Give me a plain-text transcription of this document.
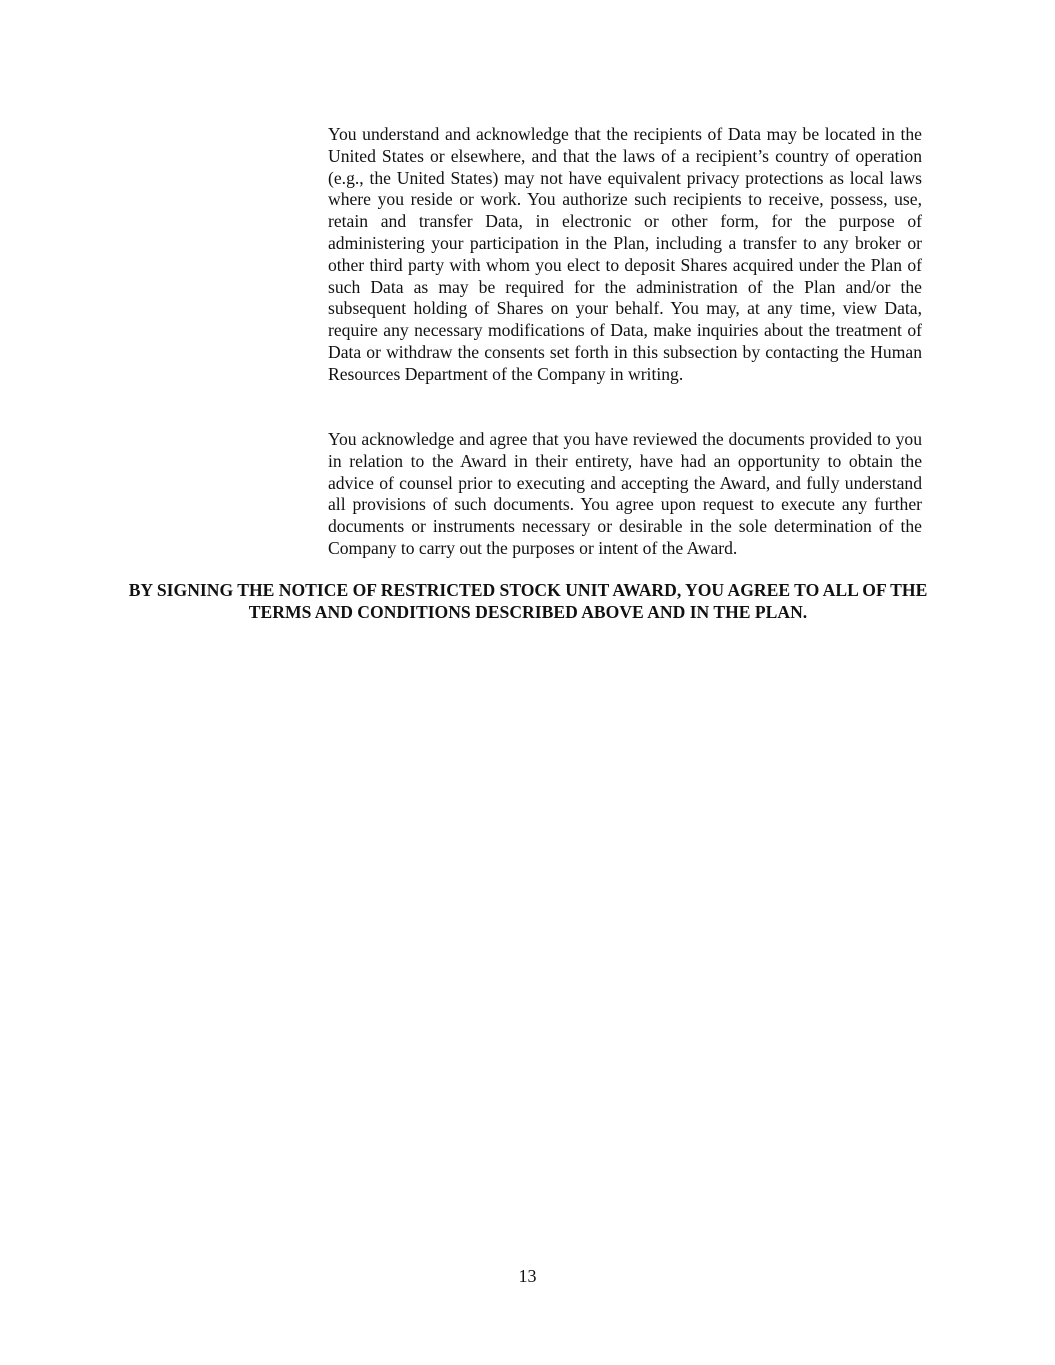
You understand and acknowledge that the recipients of Data may be located in the United States or elsewhere, and that the laws of a recipient’s country of operation (e.g., the United States) may not have equivalent privacy protections as local laws where you reside or work. You authorize such recipients to receive, possess, use, retain and transfer Data, in electronic or other form, for the purpose of administering your participation in the Plan, including a transfer to any broker or other third party with whom you elect to deposit Shares acquired under the Plan of such Data as may be required for the administration of the Plan and/or the subsequent holding of Shares on your behalf. You may, at any time, view Data, require any necessary modifications of Data, make inquiries about the treatment of Data or withdraw the consents set forth in this subsection by contacting the Human Resources Department of the Company in writing.

You acknowledge and agree that you have reviewed the documents provided to you in relation to the Award in their entirety, have had an opportunity to obtain the advice of counsel prior to executing and accepting the Award, and fully understand all provisions of such documents. You agree upon request to execute any further documents or instruments necessary or desirable in the sole determination of the Company to carry out the purposes or intent of the Award.

BY SIGNING THE NOTICE OF RESTRICTED STOCK UNIT AWARD, YOU AGREE TO ALL OF THE TERMS AND CONDITIONS DESCRIBED ABOVE AND IN THE PLAN.

13
